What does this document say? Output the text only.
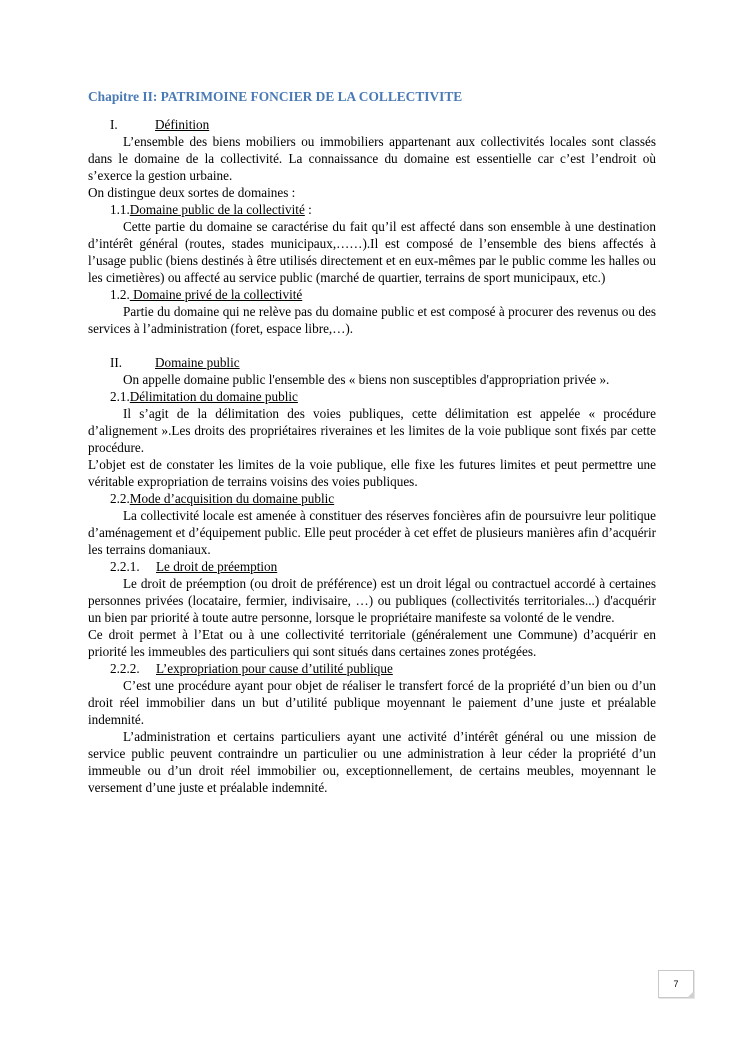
Chapitre II: PATRIMOINE FONCIER DE LA COLLECTIVITE
I.	Définition

L’ensemble des biens mobiliers ou immobiliers appartenant aux collectivités locales sont classés dans le domaine de la collectivité. La connaissance du domaine est essentielle car c’est l’endroit où s’exerce la gestion urbaine.

On distingue deux sortes de domaines :

1.1.Domaine public de la collectivité :

Cette partie du domaine se caractérise du fait qu’il est affecté dans son ensemble à une destination d’intérêt général (routes, stades municipaux,……).Il est composé de l’ensemble des biens affectés à l’usage public (biens destinés à être utilisés directement et en eux-mêmes par le public comme les halles ou les cimetières) ou affecté au service public (marché de quartier, terrains de sport municipaux, etc.)

1.2. Domaine privé de la collectivité

Partie du domaine qui ne relève pas du domaine public et est composé à procurer des revenus ou des services à l’administration (foret, espace libre,…).

II. Domaine public

On appelle domaine public l'ensemble des « biens non susceptibles d'appropriation privée ».

2.1.Délimitation du domaine public

Il s’agit de la délimitation des voies publiques, cette délimitation est appelée « procédure d’alignement ».Les droits des propriétaires riveraines et les limites de la voie publique sont fixés par cette procédure.

L’objet est de constater les limites de la voie publique, elle fixe les futures limites et peut permettre une véritable expropriation de terrains voisins des voies publiques.

2.2.Mode d’acquisition du domaine public

La collectivité locale est amenée à constituer des réserves foncières afin de poursuivre leur politique d’aménagement et d’équipement public. Elle peut procéder à cet effet de plusieurs manières afin d’acquérir les terrains domaniaux.

2.2.1. Le droit de préemption

Le droit de préemption (ou droit de préférence) est un droit légal ou contractuel accordé à certaines personnes privées (locataire, fermier, indivisaire, …) ou publiques (collectivités territoriales...) d'acquérir un bien par priorité à toute autre personne, lorsque le propriétaire manifeste sa volonté de le vendre.

Ce droit permet à l’Etat ou à une collectivité territoriale (généralement une Commune) d’acquérir en priorité les immeubles des particuliers qui sont situés dans certaines zones protégées.

2.2.2. L’expropriation pour cause d’utilité publique

C’est une procédure ayant pour objet de réaliser le transfert forcé de la propriété d’un bien ou d’un droit réel immobilier dans un but d’utilité publique moyennant le paiement d’une juste et préalable indemnité.

L’administration et certains particuliers ayant une activité d’intérêt général ou une mission de service public peuvent contraindre un particulier ou une administration à leur céder la propriété d’un immeuble ou d’un droit réel immobilier ou, exceptionnellement, de certains meubles, moyennant le versement d’une juste et préalable indemnité.

7
